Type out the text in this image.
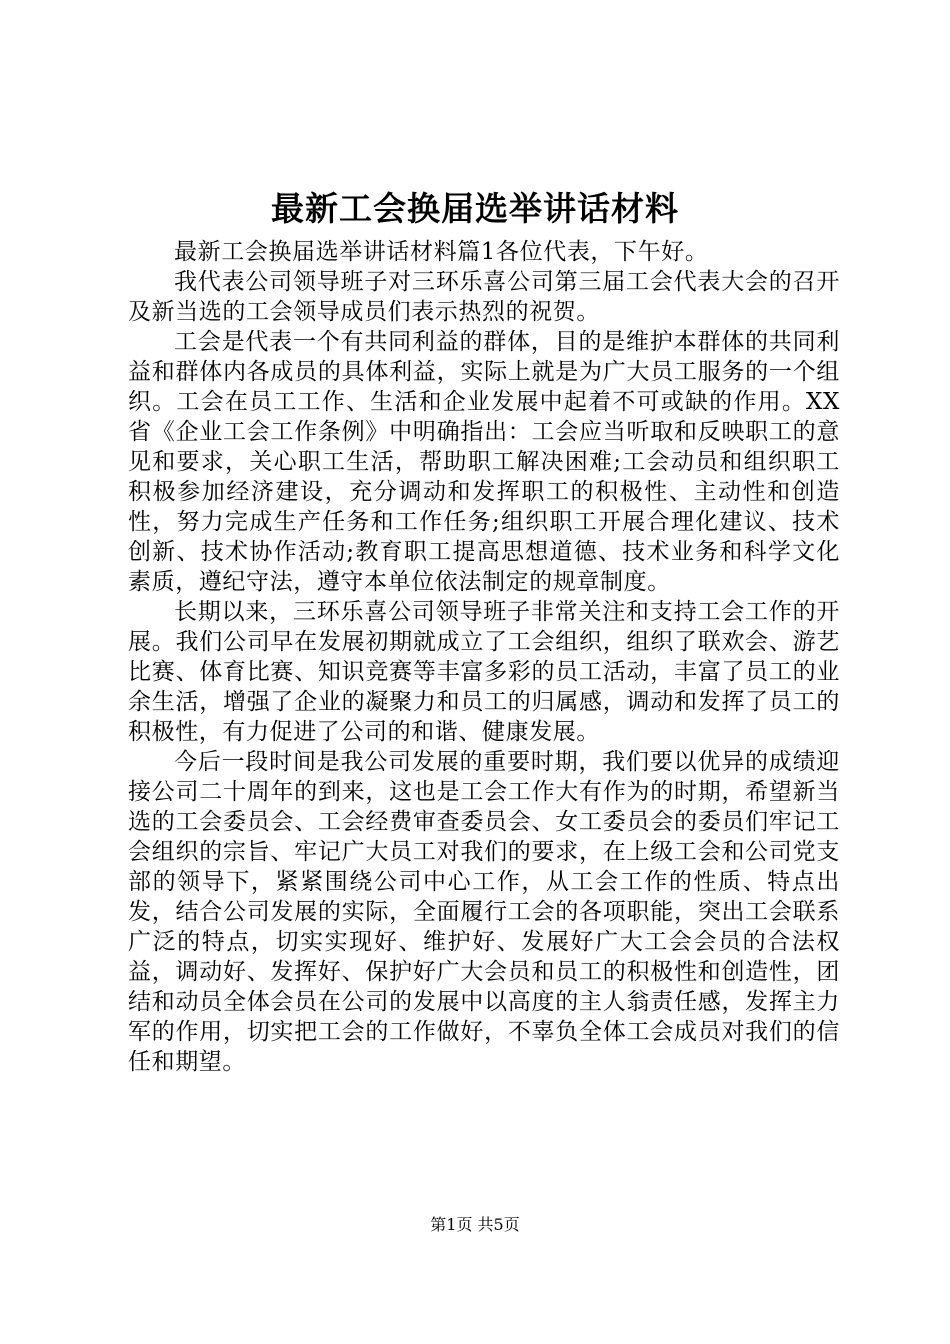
最新工会换届选举讲话材料

最新工会换届选举讲话材料篇1各位代表，下午好。

我代表公司领导班子对三环乐喜公司第三届工会代表大会的召开及新当选的工会领导成员们表示热烈的祝贺。

工会是代表一个有共同利益的群体，目的是维护本群体的共同利益和群体内各成员的具体利益，实际上就是为广大员工服务的一个组织。工会在员工工作、生活和企业发展中起着不可或缺的作用。XX省《企业工会工作条例》中明确指出：工会应当听取和反映职工的意见和要求，关心职工生活，帮助职工解决困难;工会动员和组织职工积极参加经济建设，充分调动和发挥职工的积极性、主动性和创造性，努力完成生产任务和工作任务;组织职工开展合理化建议、技术创新、技术协作活动;教育职工提高思想道德、技术业务和科学文化素质，遵纪守法，遵守本单位依法制定的规章制度。

长期以来，三环乐喜公司领导班子非常关注和支持工会工作的开展。我们公司早在发展初期就成立了工会组织，组织了联欢会、游艺比赛、体育比赛、知识竞赛等丰富多彩的员工活动，丰富了员工的业余生活，增强了企业的凝聚力和员工的归属感，调动和发挥了员工的积极性，有力促进了公司的和谐、健康发展。

今后一段时间是我公司发展的重要时期，我们要以优异的成绩迎接公司二十周年的到来，这也是工会工作大有作为的时期，希望新当选的工会委员会、工会经费审查委员会、女工委员会的委员们牢记工会组织的宗旨、牢记广大员工对我们的要求，在上级工会和公司党支部的领导下，紧紧围绕公司中心工作，从工会工作的性质、特点出发，结合公司发展的实际，全面履行工会的各项职能，突出工会联系广泛的特点，切实实现好、维护好、发展好广大工会会员的合法权益，调动好、发挥好、保护好广大会员和员工的积极性和创造性，团结和动员全体会员在公司的发展中以高度的主人翁责任感，发挥主力军的作用，切实把工会的工作做好，不辜负全体工会成员对我们的信任和期望。

第1页 共5页
